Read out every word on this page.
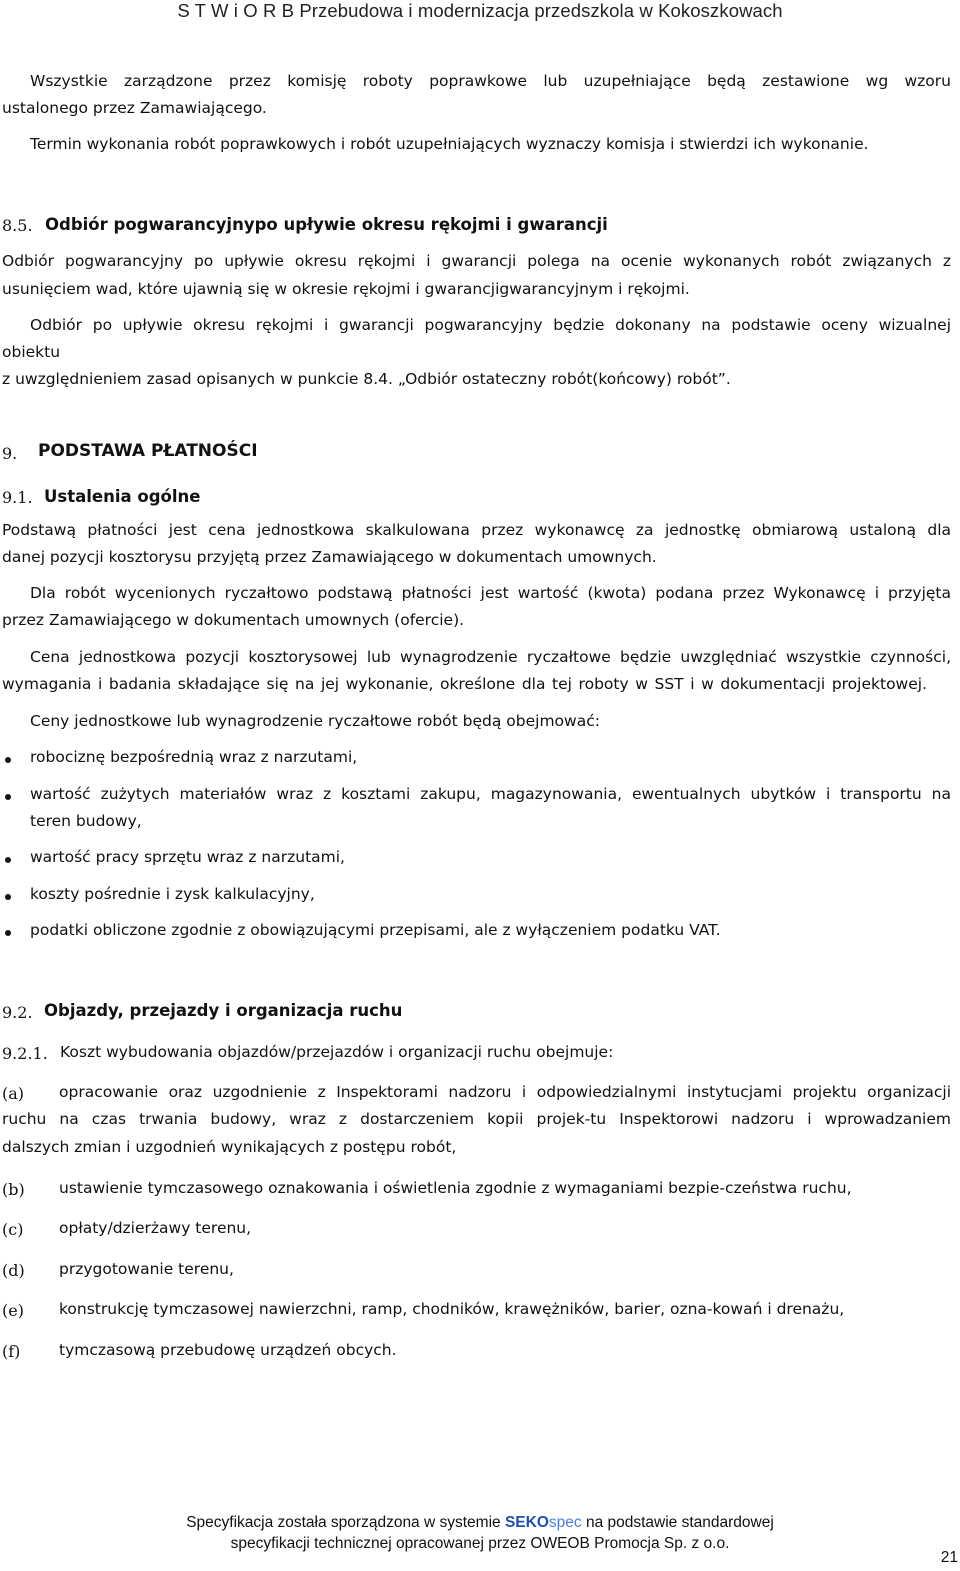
S T W i O R B Przebudowa i modernizacja przedszkola w Kokoszkowach
Wszystkie zarządzone przez komisję roboty poprawkowe lub uzupełniające będą zestawione wg wzoru
ustalonego przez Zamawiającego.
Termin wykonania robót poprawkowych i robót uzupełniających wyznaczy komisja i stwierdzi ich wykonanie.
8.5. Odbiór pogwarancyjnypo upływie okresu rękojmi i gwarancji
Odbiór pogwarancyjny po upływie okresu rękojmi i gwarancji polega na ocenie wykonanych robót związanych z
usunięciem wad, które ujawnią się w okresie rękojmi i gwarancjigwarancyjnym i rękojmi.
Odbiór po upływie okresu rękojmi i gwarancji pogwarancyjny będzie dokonany na podstawie oceny wizualnej
obiektu
z uwzględnieniem zasad opisanych w punkcie 8.4. „Odbiór ostateczny robót(końcowy) robót”.
9. PODSTAWA PŁATNOŚCI
9.1. Ustalenia ogólne
Podstawą płatności jest cena jednostkowa skalkulowana przez wykonawcę za jednostkę obmiarową ustaloną dla
danej pozycji kosztorysu przyjętą przez Zamawiającego w dokumentach umownych.
Dla robót wycenionych ryczałtowo podstawą płatności jest wartość (kwota) podana przez Wykonawcę i przyjęta
przez Zamawiającego w dokumentach umownych (ofercie).
Cena jednostkowa pozycji kosztorysowej lub wynagrodzenie ryczałtowe będzie uwzględniać wszystkie czynności,
wymagania i badania składające się na jej wykonanie, określone dla tej roboty w SST i w dokumentacji projektowej.
Ceny jednostkowe lub wynagrodzenie ryczałtowe robót będą obejmować:
robociznę bezpośrednią wraz z narzutami,
wartość zużytych materiałów wraz z kosztami zakupu, magazynowania, ewentualnych ubytków i transportu na
teren budowy,
wartość pracy sprzętu wraz z narzutami,
koszty pośrednie i zysk kalkulacyjny,
podatki obliczone zgodnie z obowiązującymi przepisami, ale z wyłączeniem podatku VAT.
9.2. Objazdy, przejazdy i organizacja ruchu
9.2.1. Koszt wybudowania objazdów/przejazdów i organizacji ruchu obejmuje:
(a) opracowanie oraz uzgodnienie z Inspektorami nadzoru i odpowiedzialnymi instytucjami projektu organizacji
ruchu na czas trwania budowy, wraz z dostarczeniem kopii projek-tu Inspektorowi nadzoru i wprowadzaniem
dalszych zmian i uzgodnień wynikających z postępu robót,
(b) ustawienie tymczasowego oznakowania i oświetlenia zgodnie z wymaganiami bezpie-czeństwa ruchu,
(c) opłaty/dzierżawy terenu,
(d) przygotowanie terenu,
(e) konstrukcję tymczasowej nawierzchni, ramp, chodników, krawężników, barier, ozna-kowań i drenażu,
(f) tymczasową przebudowę urządzeń obcych.
Specyfikacja została sporządzona w systemie SEKOspec na podstawie standardowej
specyfikacji technicznej opracowanej przez OWEOB Promocja Sp. z o.o.
21
